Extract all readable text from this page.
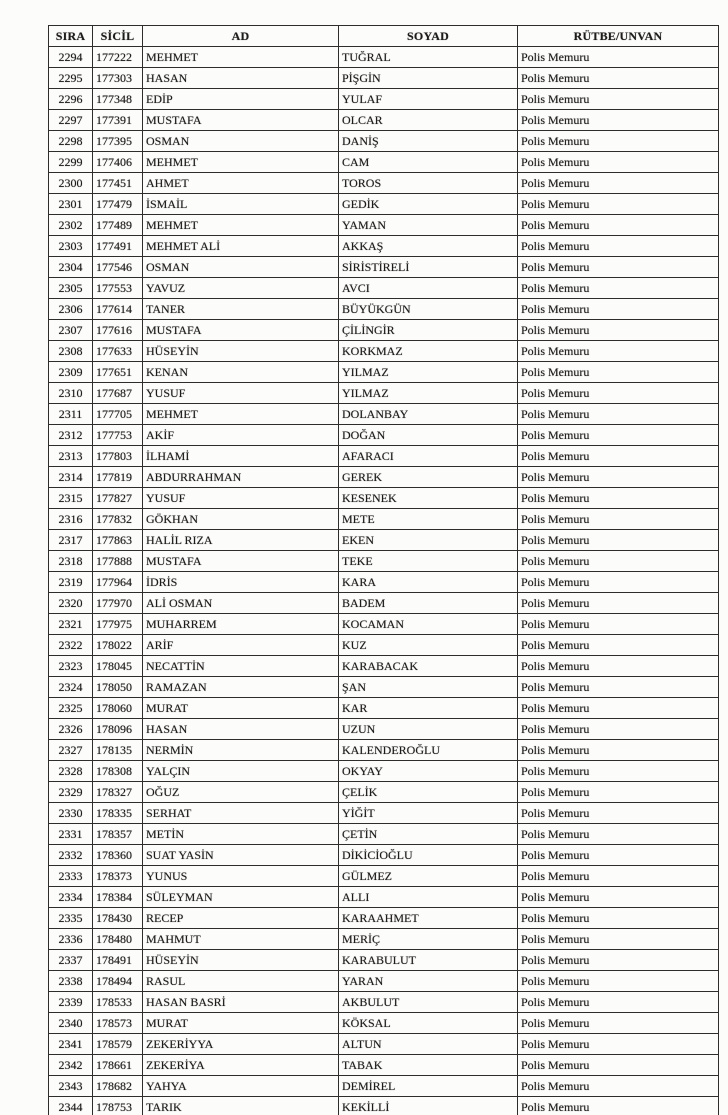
SIRA	SİCİL	AD	SOYAD	RÜTBE/UNVAN
2294	177222	MEHMET	TUĞRAL	Polis Memuru
2295	177303	HASAN	PİŞGİN	Polis Memuru
2296	177348	EDİP	YULAF	Polis Memuru
2297	177391	MUSTAFA	OLCAR	Polis Memuru
2298	177395	OSMAN	DANİŞ	Polis Memuru
2299	177406	MEHMET	CAM	Polis Memuru
2300	177451	AHMET	TOROS	Polis Memuru
2301	177479	İSMAİL	GEDİK	Polis Memuru
2302	177489	MEHMET	YAMAN	Polis Memuru
2303	177491	MEHMET ALİ	AKKAŞ	Polis Memuru
2304	177546	OSMAN	SİRİSTİRELİ	Polis Memuru
2305	177553	YAVUZ	AVCI	Polis Memuru
2306	177614	TANER	BÜYÜKGÜN	Polis Memuru
2307	177616	MUSTAFA	ÇİLİNGİR	Polis Memuru
2308	177633	HÜSEYİN	KORKMAZ	Polis Memuru
2309	177651	KENAN	YILMAZ	Polis Memuru
2310	177687	YUSUF	YILMAZ	Polis Memuru
2311	177705	MEHMET	DOLANBAY	Polis Memuru
2312	177753	AKİF	DOĞAN	Polis Memuru
2313	177803	İLHAMİ	AFARACI	Polis Memuru
2314	177819	ABDURRAHMAN	GEREK	Polis Memuru
2315	177827	YUSUF	KESENEK	Polis Memuru
2316	177832	GÖKHAN	METE	Polis Memuru
2317	177863	HALİL RIZA	EKEN	Polis Memuru
2318	177888	MUSTAFA	TEKE	Polis Memuru
2319	177964	İDRİS	KARA	Polis Memuru
2320	177970	ALİ OSMAN	BADEM	Polis Memuru
2321	177975	MUHARREM	KOCAMAN	Polis Memuru
2322	178022	ARİF	KUZ	Polis Memuru
2323	178045	NECATTİN	KARABACAK	Polis Memuru
2324	178050	RAMAZAN	ŞAN	Polis Memuru
2325	178060	MURAT	KAR	Polis Memuru
2326	178096	HASAN	UZUN	Polis Memuru
2327	178135	NERMİN	KALENDEROĞLU	Polis Memuru
2328	178308	YALÇIN	OKYAY	Polis Memuru
2329	178327	OĞUZ	ÇELİK	Polis Memuru
2330	178335	SERHAT	YİĞİT	Polis Memuru
2331	178357	METİN	ÇETİN	Polis Memuru
2332	178360	SUAT YASİN	DİKİCİOĞLU	Polis Memuru
2333	178373	YUNUS	GÜLMEZ	Polis Memuru
2334	178384	SÜLEYMAN	ALLI	Polis Memuru
2335	178430	RECEP	KARAAHMET	Polis Memuru
2336	178480	MAHMUT	MERİÇ	Polis Memuru
2337	178491	HÜSEYİN	KARABULUT	Polis Memuru
2338	178494	RASUL	YARAN	Polis Memuru
2339	178533	HASAN BASRİ	AKBULUT	Polis Memuru
2340	178573	MURAT	KÖKSAL	Polis Memuru
2341	178579	ZEKERİYYA	ALTUN	Polis Memuru
2342	178661	ZEKERİYA	TABAK	Polis Memuru
2343	178682	YAHYA	DEMİREL	Polis Memuru
2344	178753	TARIK	KEKİLLİ	Polis Memuru
